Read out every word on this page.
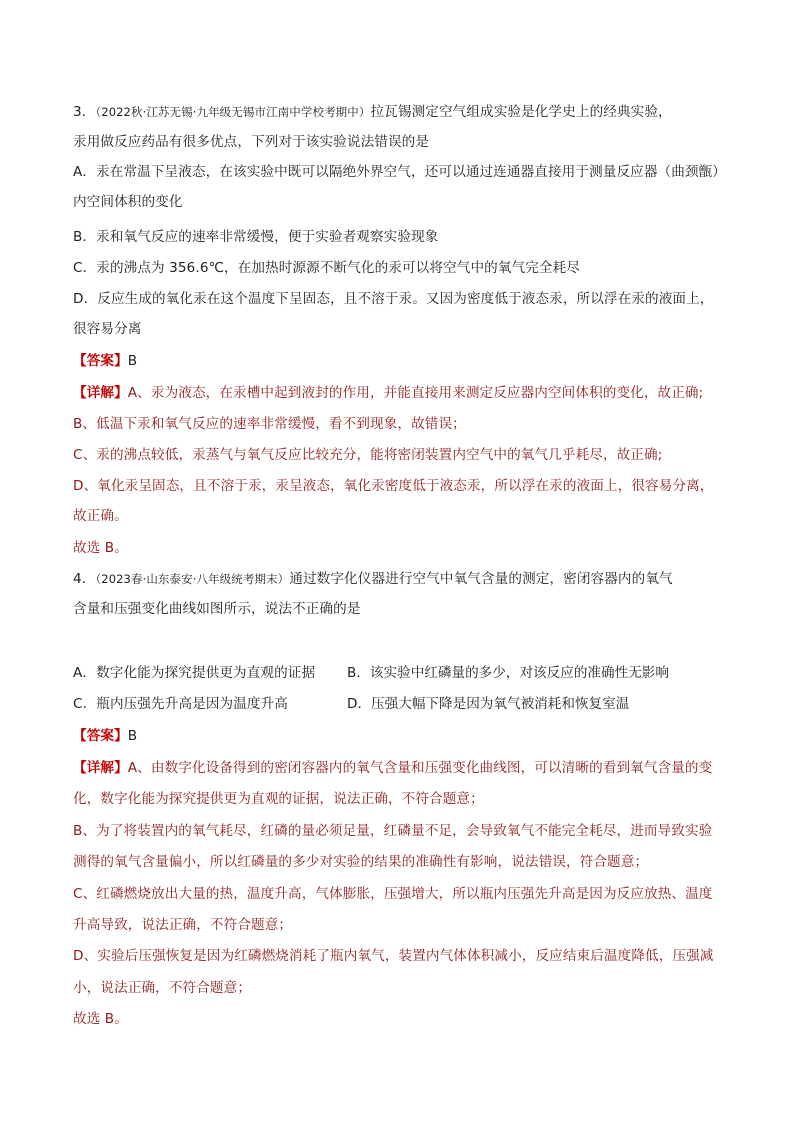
3．（2022秋·江苏无锡·九年级无锡市江南中学校考期中）拉瓦锡测定空气组成实验是化学史上的经典实验，
汞用做反应药品有很多优点，下列对于该实验说法错误的是
A．汞在常温下呈液态，在该实验中既可以隔绝外界空气，还可以通过连通器直接用于测量反应器（曲颈甑）
内空间体积的变化
B．汞和氧气反应的速率非常缓慢，便于实验者观察实验现象
C．汞的沸点为 356.6℃，在加热时源源不断气化的汞可以将空气中的氧气完全耗尽
D．反应生成的氧化汞在这个温度下呈固态，且不溶于汞。又因为密度低于液态汞，所以浮在汞的液面上，
很容易分离
【答案】B
【详解】A、汞为液态，在汞槽中起到液封的作用，并能直接用来测定反应器内空间体积的变化，故正确;
B、低温下汞和氧气反应的速率非常缓慢，看不到现象，故错误；
C、汞的沸点较低，汞蒸气与氧气反应比较充分，能将密闭装置内空气中的氧气几乎耗尽，故正确;
D、氧化汞呈固态，且不溶于汞，汞呈液态，氧化汞密度低于液态汞，所以浮在汞的液面上，很容易分离，
故正确。
故选 B。
4．（2023春·山东泰安·八年级统考期末）通过数字化仪器进行空气中氧气含量的测定，密闭容器内的氧气
含量和压强变化曲线如图所示，说法不正确的是
A．数字化能为探究提供更为直观的证据 B．该实验中红磷量的多少，对该反应的准确性无影响
C．瓶内压强先升高是因为温度升高	D．压强大幅下降是因为氧气被消耗和恢复室温
【答案】B
【详解】A、由数字化设备得到的密闭容器内的氧气含量和压强变化曲线图，可以清晰的看到氧气含量的变
化，数字化能为探究提供更为直观的证据，说法正确，不符合题意；
B、为了将装置内的氧气耗尽，红磷的量必须足量，红磷量不足，会导致氧气不能完全耗尽，进而导致实验
测得的氧气含量偏小，所以红磷量的多少对实验的结果的准确性有影响，说法错误，符合题意；
C、红磷燃烧放出大量的热，温度升高，气体膨胀，压强增大，所以瓶内压强先升高是因为反应放热、温度
升高导致，说法正确，不符合题意；
D、实验后压强恢复是因为红磷燃烧消耗了瓶内氧气，装置内气体体积减小，反应结束后温度降低，压强减
小，说法正确，不符合题意；
故选 B。
